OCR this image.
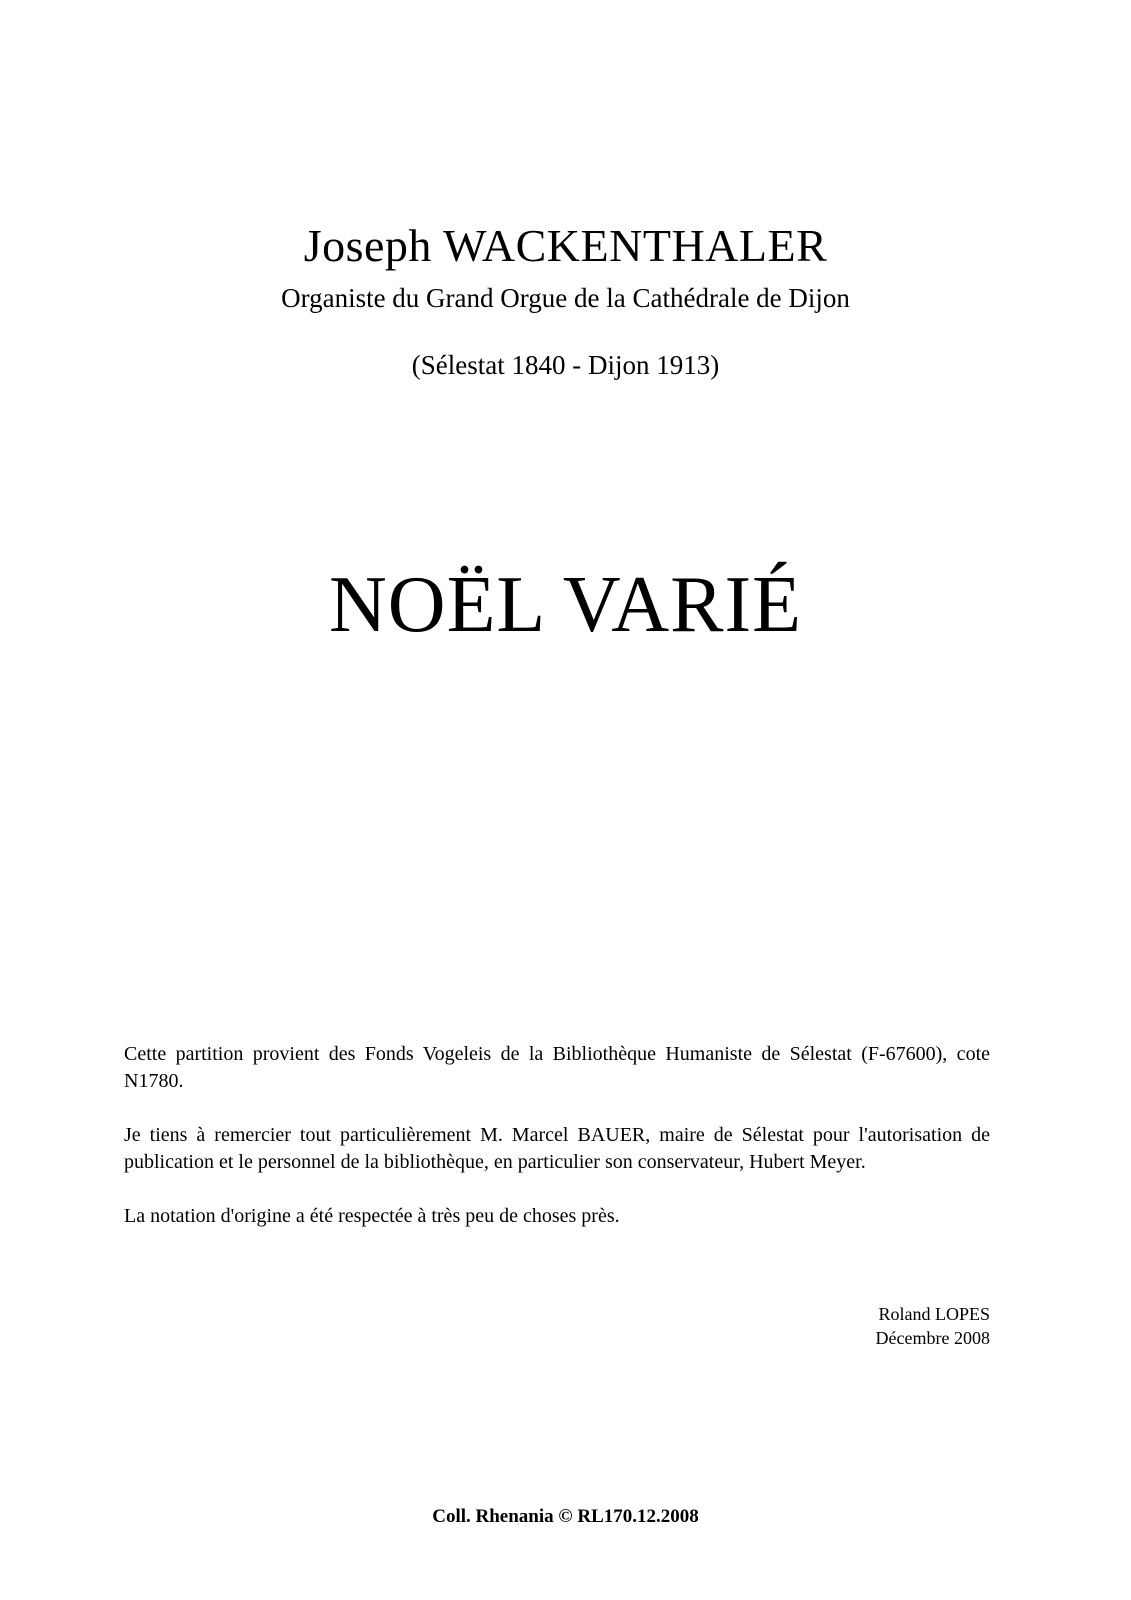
Joseph WACKENTHALER
Organiste du Grand Orgue de la Cathédrale de Dijon
(Sélestat 1840 - Dijon 1913)
NOËL VARIÉ

Cette partition provient des Fonds Vogeleis de la Bibliothèque Humaniste de Sélestat (F-67600), cote N1780.

Je tiens à remercier tout particulièrement M. Marcel BAUER, maire de Sélestat pour l'autorisation de publication et le personnel de la bibliothèque, en particulier son conservateur, Hubert Meyer.

La notation d'origine a été respectée à très peu de choses près.

Roland LOPES
Décembre 2008
Coll. Rhenania © RL170.12.2008
